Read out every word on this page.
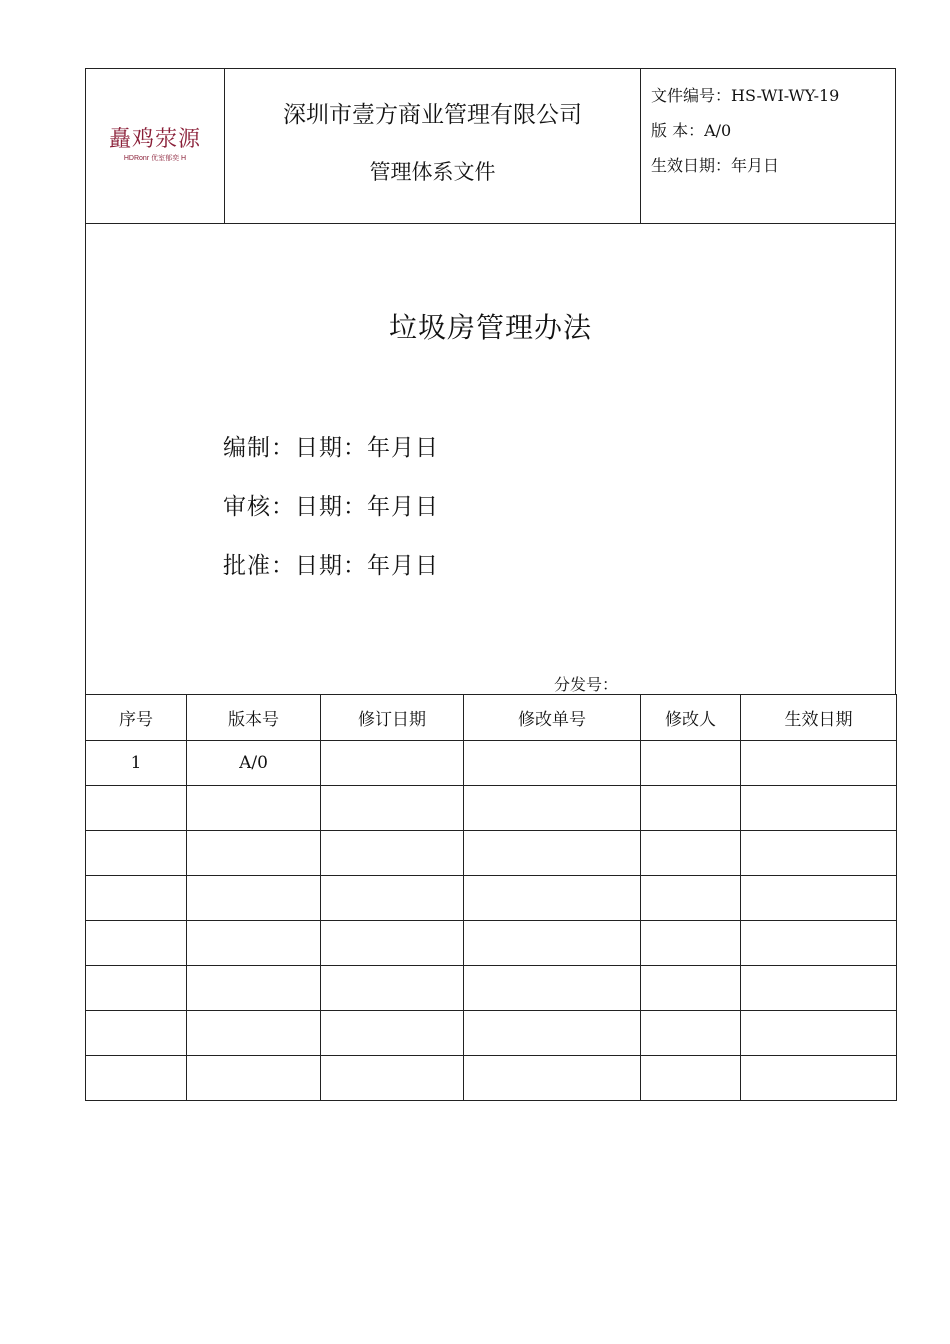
矗鸡荥源
HDRonr 优室郁奕 H

深圳市壹方商业管理有限公司
管理体系文件

文件编号：HS-WI-WY-19
版 本：A/0
生效日期：年月日
垃圾房管理办法
编制：日期：年月日
审核：日期：年月日
批准：日期：年月日
分发号：
序号	版本号	修订日期	修改单号	修改人	生效日期
1	A/0				
